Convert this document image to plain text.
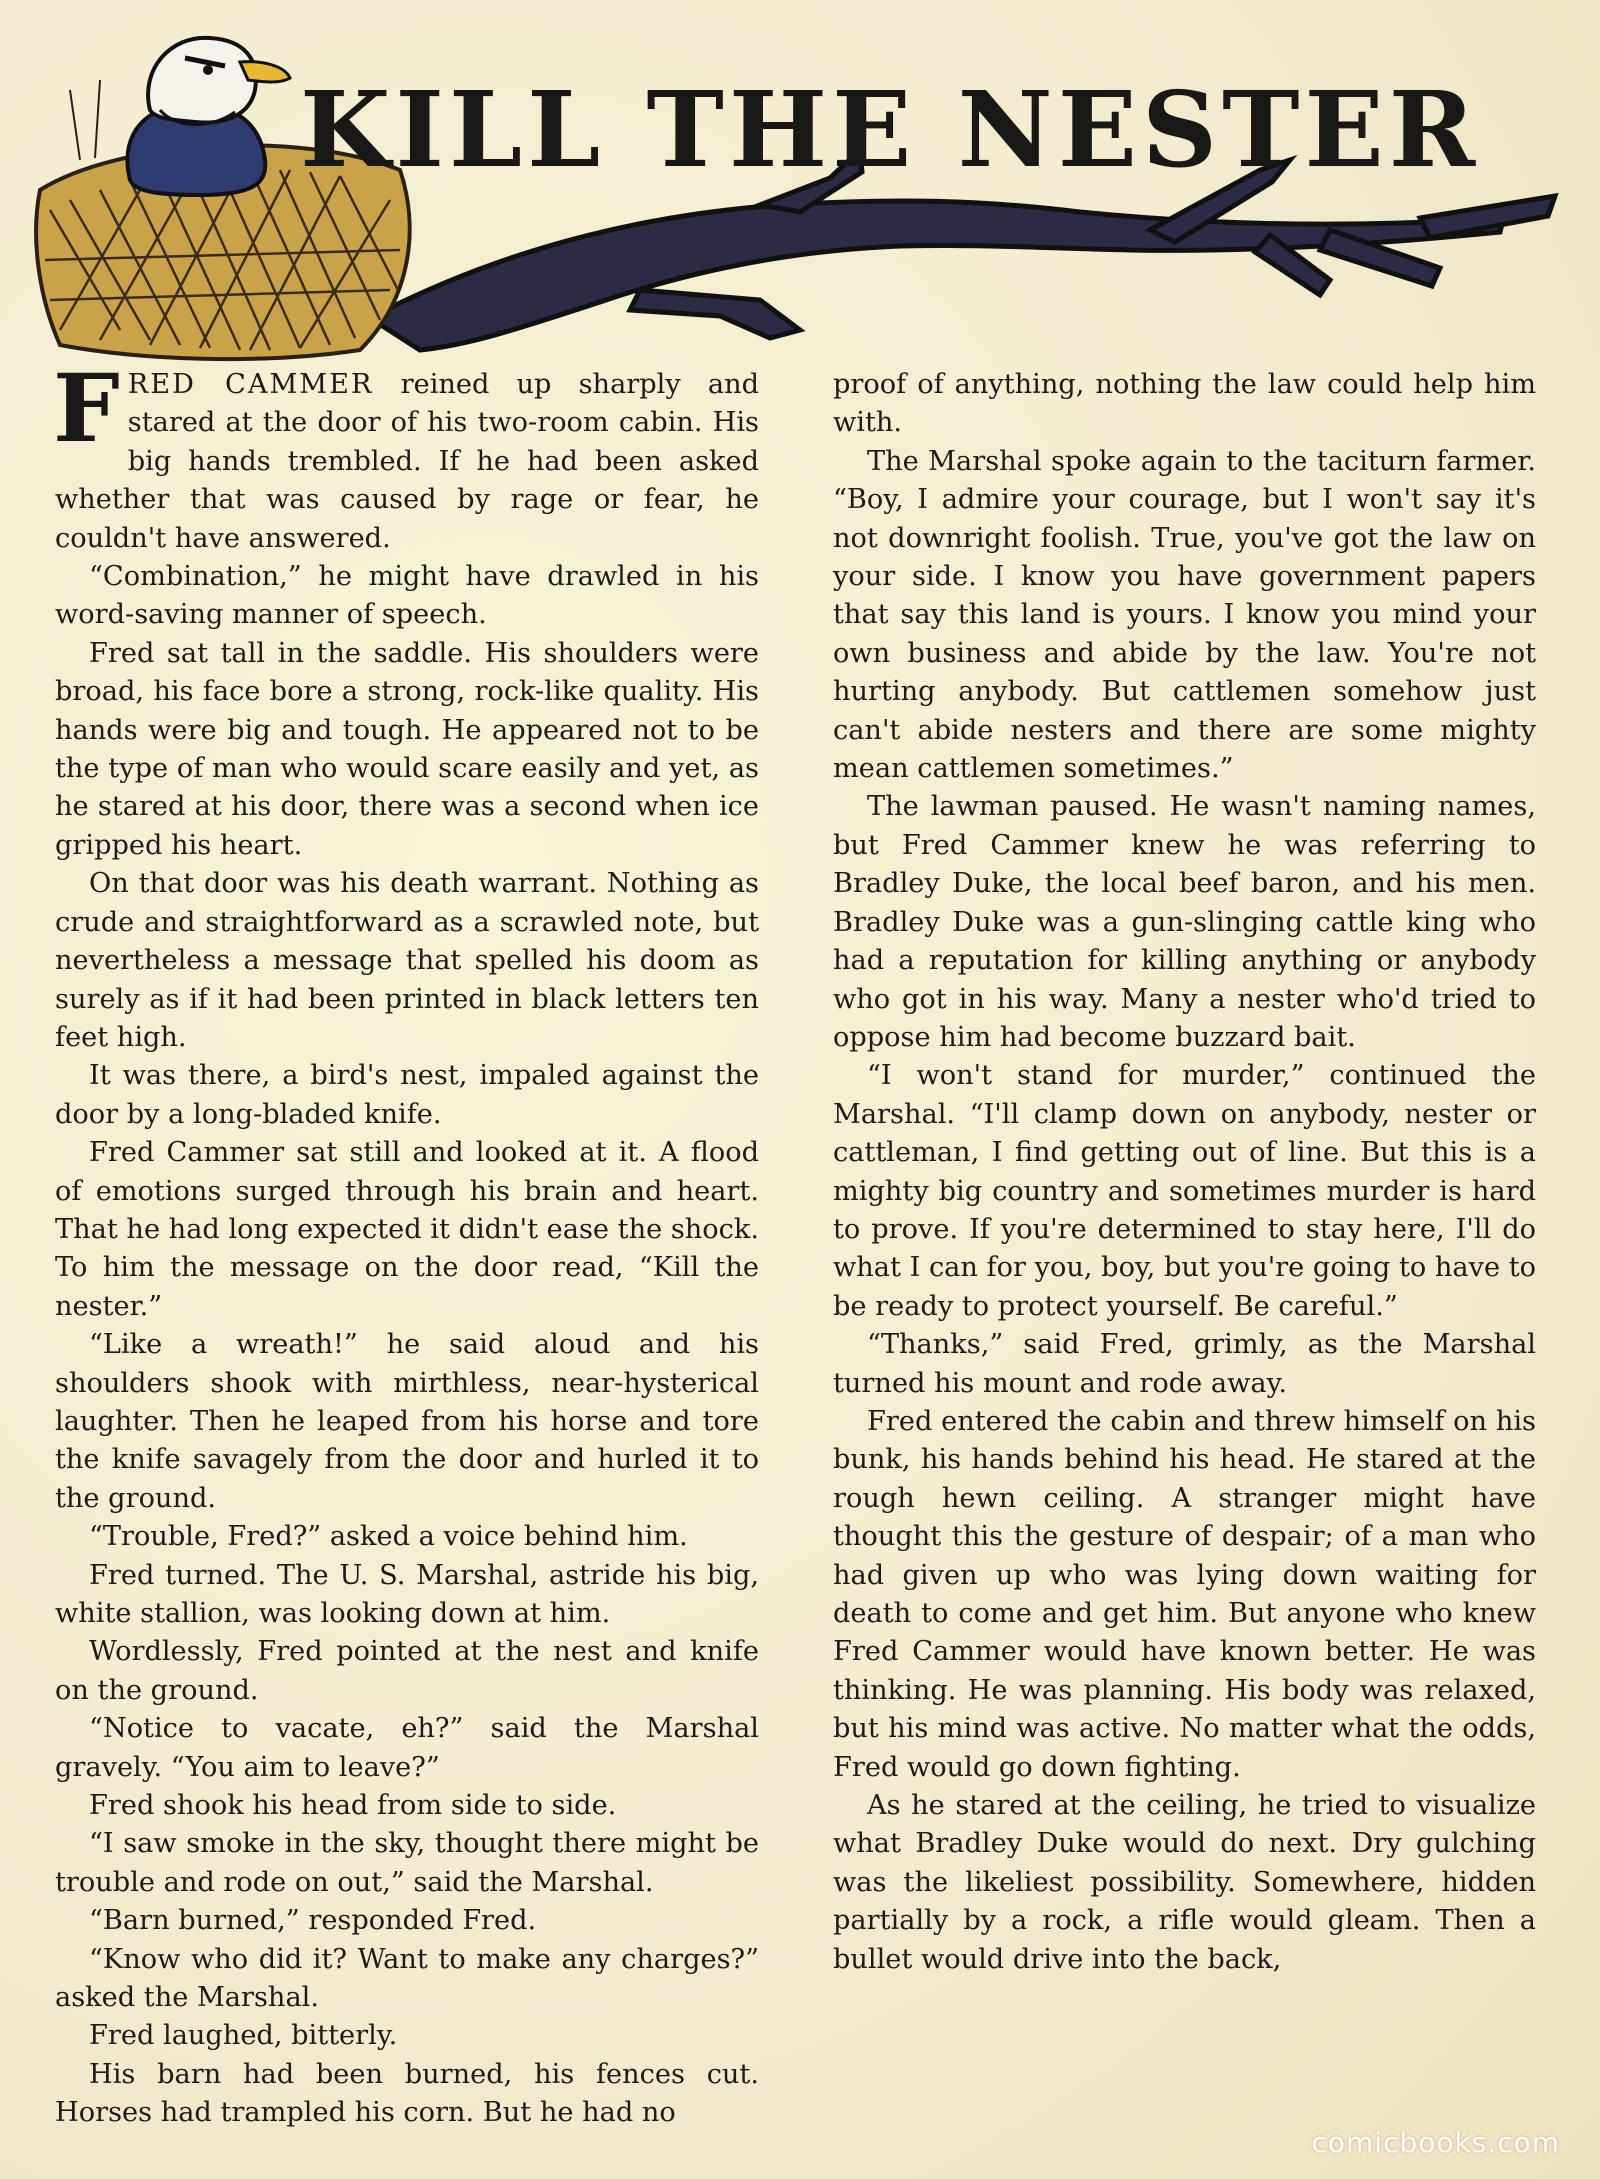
KILL THE NESTER

FRED CAMMER reined up sharply and stared at the door of his two-room cabin. His big hands trembled. If he had been asked whether that was caused by rage or fear, he couldn't have answered.

“Combination,” he might have drawled in his word-saving manner of speech.

Fred sat tall in the saddle. His shoulders were broad, his face bore a strong, rock-like quality. His hands were big and tough. He appeared not to be the type of man who would scare easily and yet, as he stared at his door, there was a second when ice gripped his heart.

On that door was his death warrant. Nothing as crude and straightforward as a scrawled note, but nevertheless a message that spelled his doom as surely as if it had been printed in black letters ten feet high.

It was there, a bird's nest, impaled against the door by a long-bladed knife.

Fred Cammer sat still and looked at it. A flood of emotions surged through his brain and heart. That he had long expected it didn't ease the shock. To him the message on the door read, “Kill the nester.”

“Like a wreath!” he said aloud and his shoulders shook with mirthless, near-hysterical laughter. Then he leaped from his horse and tore the knife savagely from the door and hurled it to the ground.

“Trouble, Fred?” asked a voice behind him.

Fred turned. The U. S. Marshal, astride his big, white stallion, was looking down at him.

Wordlessly, Fred pointed at the nest and knife on the ground.

“Notice to vacate, eh?” said the Marshal gravely. “You aim to leave?”

Fred shook his head from side to side.

“I saw smoke in the sky, thought there might be trouble and rode on out,” said the Marshal.

“Barn burned,” responded Fred.

“Know who did it? Want to make any charges?” asked the Marshal.

Fred laughed, bitterly.

His barn had been burned, his fences cut. Horses had trampled his corn. But he had no

proof of anything, nothing the law could help him with.

The Marshal spoke again to the taciturn farmer. “Boy, I admire your courage, but I won't say it's not downright foolish. True, you've got the law on your side. I know you have government papers that say this land is yours. I know you mind your own business and abide by the law. You're not hurting anybody. But cattlemen somehow just can't abide nesters and there are some mighty mean cattlemen sometimes.”

The lawman paused. He wasn't naming names, but Fred Cammer knew he was referring to Bradley Duke, the local beef baron, and his men. Bradley Duke was a gun-slinging cattle king who had a reputation for killing anything or anybody who got in his way. Many a nester who'd tried to oppose him had become buzzard bait.

“I won't stand for murder,” continued the Marshal. “I'll clamp down on anybody, nester or cattleman, I find getting out of line. But this is a mighty big country and sometimes murder is hard to prove. If you're determined to stay here, I'll do what I can for you, boy, but you're going to have to be ready to protect yourself. Be careful.”

“Thanks,” said Fred, grimly, as the Marshal turned his mount and rode away.

Fred entered the cabin and threw himself on his bunk, his hands behind his head. He stared at the rough hewn ceiling. A stranger might have thought this the gesture of despair; of a man who had given up who was lying down waiting for death to come and get him. But anyone who knew Fred Cammer would have known better. He was thinking. He was planning. His body was relaxed, but his mind was active. No matter what the odds, Fred would go down fighting.

As he stared at the ceiling, he tried to visualize what Bradley Duke would do next. Dry gulching was the likeliest possibility. Somewhere, hidden partially by a rock, a rifle would gleam. Then a bullet would drive into the back,

comicbooks.com
